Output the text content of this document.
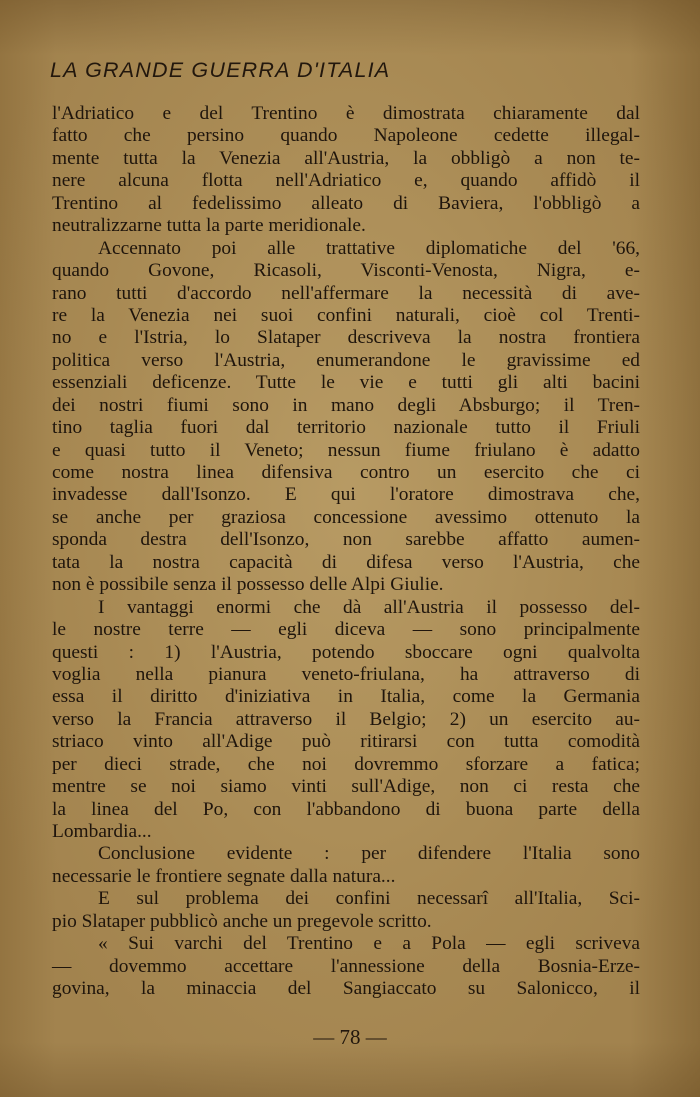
LA GRANDE GUERRA D'ITALIA
l'Adriatico e del Trentino è dimostrata chiaramente dal
fatto che persino quando Napoleone cedette illegal-
mente tutta la Venezia all'Austria, la obbligò a non te-
nere alcuna flotta nell'Adriatico e, quando affidò il
Trentino al fedelissimo alleato di Baviera, l'obbligò a
neutralizzarne tutta la parte meridionale.
Accennato poi alle trattative diplomatiche del '66,
quando Govone, Ricasoli, Visconti-Venosta, Nigra, e-
rano tutti d'accordo nell'affermare la necessità di ave-
re la Venezia nei suoi confini naturali, cioè col Trenti-
no e l'Istria, lo Slataper descriveva la nostra frontiera
politica verso l'Austria, enumerandone le gravissime ed
essenziali deficenze. Tutte le vie e tutti gli alti bacini
dei nostri fiumi sono in mano degli Absburgo; il Tren-
tino taglia fuori dal territorio nazionale tutto il Friuli
e quasi tutto il Veneto; nessun fiume friulano è adatto
come nostra linea difensiva contro un esercito che ci
invadesse dall'Isonzo. E qui l'oratore dimostrava che,
se anche per graziosa concessione avessimo ottenuto la
sponda destra dell'Isonzo, non sarebbe affatto aumen-
tata la nostra capacità di difesa verso l'Austria, che
non è possibile senza il possesso delle Alpi Giulie.
I vantaggi enormi che dà all'Austria il possesso del-
le nostre terre — egli diceva — sono principalmente
questi : 1) l'Austria, potendo sboccare ogni qualvolta
voglia nella pianura veneto-friulana, ha attraverso di
essa il diritto d'iniziativa in Italia, come la Germania
verso la Francia attraverso il Belgio; 2) un esercito au-
striaco vinto all'Adige può ritirarsi con tutta comodità
per dieci strade, che noi dovremmo sforzare a fatica;
mentre se noi siamo vinti sull'Adige, non ci resta che
la linea del Po, con l'abbandono di buona parte della
Lombardia...
Conclusione evidente : per difendere l'Italia sono
necessarie le frontiere segnate dalla natura...
E sul problema dei confini necessarî all'Italia, Sci-
pio Slataper pubblicò anche un pregevole scritto.
« Sui varchi del Trentino e a Pola — egli scriveva
— dovemmo accettare l'annessione della Bosnia-Erze-
govina, la minaccia del Sangiaccato su Salonicco, il
— 78 —
